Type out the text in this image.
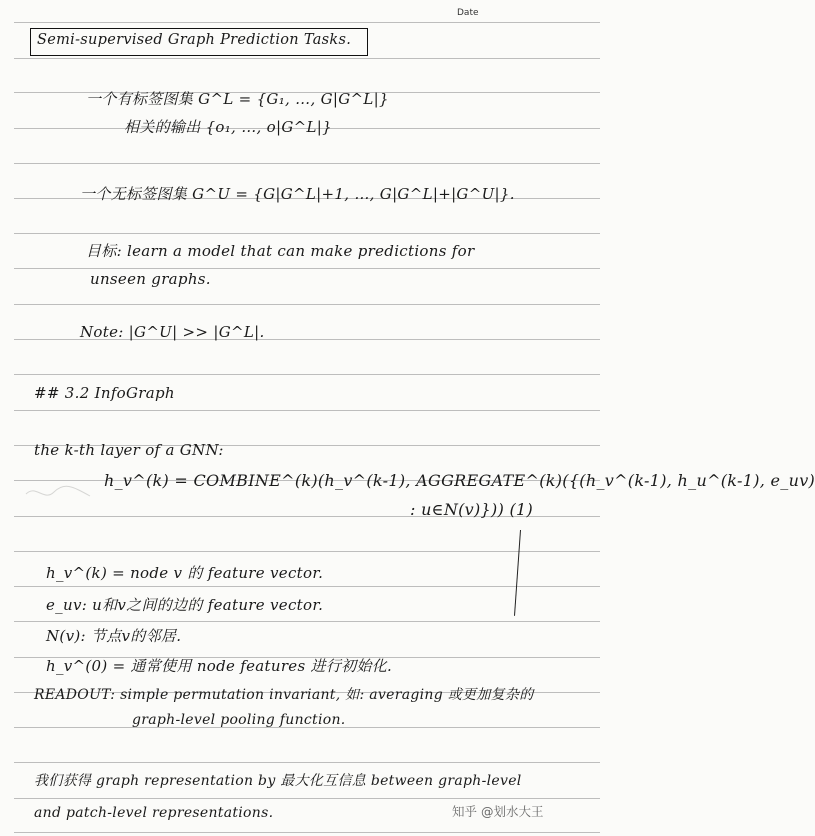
Date
Semi-supervised Graph Prediction Tasks.
一个有标签图集 G^L = {G₁, …, G|G^L|}
相关的输出 {o₁, …, o|G^L|}
一个无标签图集 G^U = {G|G^L|+1, …, G|G^L|+|G^U|}.
目标: learn a model that can make predictions for
unseen graphs.
Note: |G^U| >> |G^L|.
## 3.2 InfoGraph
the k-th layer of a GNN:
h_v^(k) = COMBINE^(k)(h_v^(k-1), AGGREGATE^(k)({(h_v^(k-1), h_u^(k-1), e_uv)
: u∈N(v)})) (1)
h_v^(k) = node v 的 feature vector.
e_uv: u和v之间的边的 feature vector.
N(v): 节点v的邻居.
h_v^(0) = 通常使用 node features 进行初始化.
READOUT: simple permutation invariant, 如: averaging 或更加复杂的
graph-level pooling function.
我们获得 graph representation by 最大化互信息 between graph-level
and patch-level representations.	知乎 @划水大王
